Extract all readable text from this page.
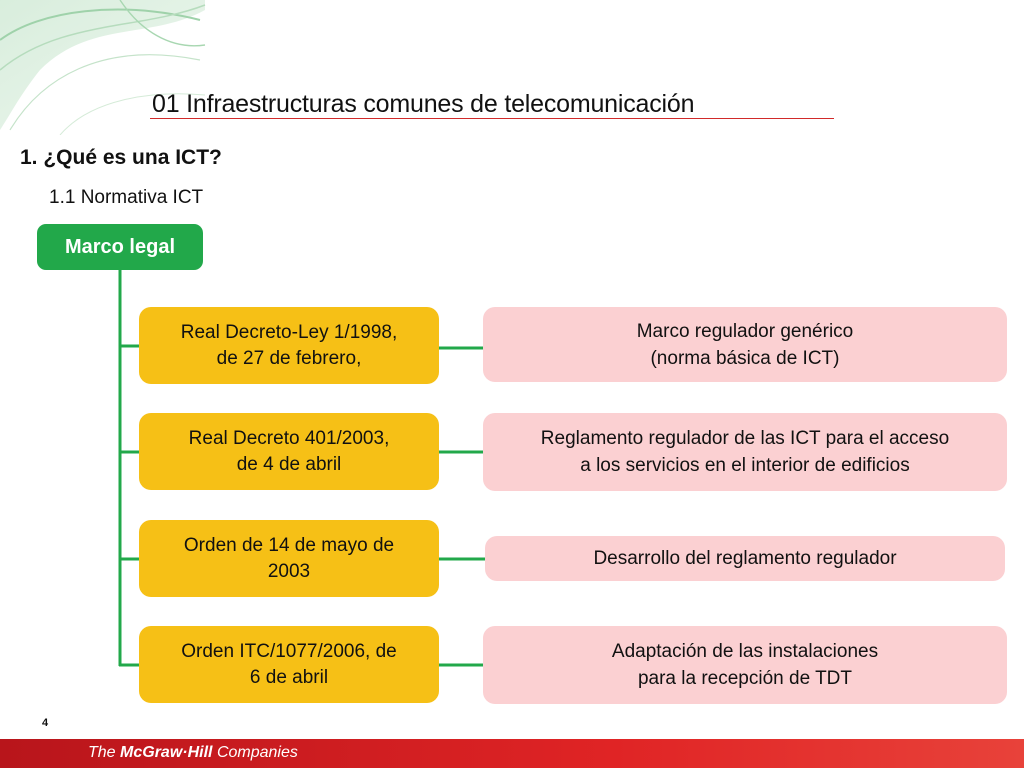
01 Infraestructuras comunes de telecomunicación
1. ¿Qué es una ICT?
1.1 Normativa ICT
Marco legal
Real Decreto-Ley 1/1998,
de 27 de febrero,
Real Decreto 401/2003,
de 4 de abril
Orden de 14 de mayo de
2003
Orden ITC/1077/2006, de
6 de abril
Marco regulador genérico
(norma básica de ICT)
Reglamento regulador de las ICT para el acceso
a los servicios en el interior de edificios
Desarrollo del reglamento regulador
Adaptación de las instalaciones
para la recepción de TDT
4
The McGraw·Hill Companies
